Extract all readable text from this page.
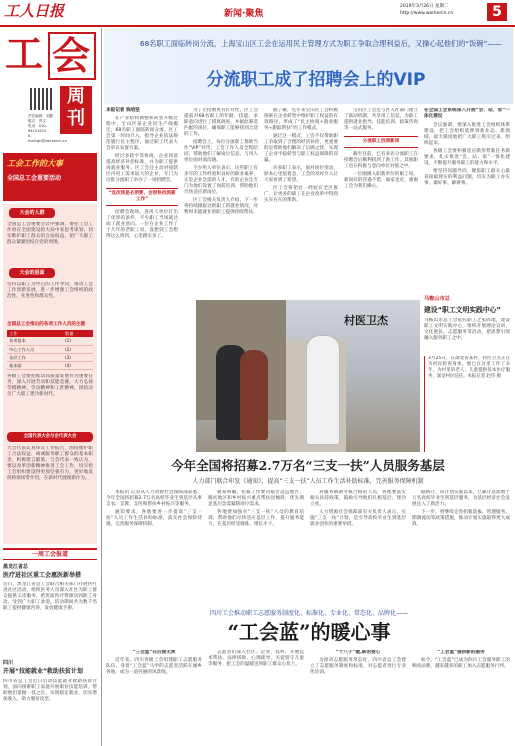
工人日报	新闻·聚焦
2019年3月26日 星期二
http://www.workercn.cn	5
工 会
周
刊
责任编辑：刘静
版式：罗文
电话：010-84151615
E-mail:gh@workercn.cn
工会工作的大事
全国总工会重要活动
大会的人群
全国总工会重要会议中强调，要把工会工作放在全面建设的大局中来思考谋划，切实维护职工群众的合法权益，把广大职工群众紧紧团结在党的周围。
大会的层面
坚持以职工为中心的工作导向，推动工会工作创新发展，进一步增强工会组织的政治性、先进性和群众性。
全国总工会推出的各项工作人员的主题
工作	数量
各项基本	(1)
中心工作人员	(2)
各层工作	(3)
基本面	(4)
各级工会要把推动高质量发展作为重要任务，深入开展劳动和技能竞赛，大力弘扬劳模精神、劳动精神和工匠精神，团结动员广大职工建功新时代。
全国代表大会与会代表大会
大会代表认真审议工作报告，围绕维护职工合法权益、竭诚服务职工群众的基本职责，积极建言献策。与会代表一致认为，要以改革创新精神推进工会工作，切实把工会组织建设得更加坚强有力，更好地发挥桥梁纽带作用，在新时代展现新作为。
一周工会报道
黑龙江省总
医疗进社区重工会惠医新举措
近日，黑龙江省总工会联合相关部门开展医疗进社区活动，组织医务人员深入社区为职工群众提供义诊服务，把优质医疗资源送到职工身边，受到广大职工欢迎。活动期间共为数千名职工提供健康咨询，发放健康手册。
四川
开展“技能就业”救助扶贫计划
四川省总工会近日启动技能就业救助扶贫计划，面向困难职工家庭开展职业技能培训，帮助他们掌握一技之长，实现稳定就业，切实增加收入，助力脱贫攻坚。
68名职工面临转岗分流，上海宝山区工会在运用民主管理方式为职工争取合理利益后，又操心起他们的“饭碗”——
分流职工成了招聘会上的VIP
本报记者 钱培坚
在产业结构调整和转型升级过程中，宝山区某企业因生产线搬迁，68名职工面临转岗分流。区工会第一时间介入，指导企业依法规范履行民主程序，通过职工代表大会审议安置方案。
经过多轮平等协商，企业同意提高经济补偿标准，并为职工提供再就业服务。区工会还主动对接辖区内用工需求较大的企业，专门为这批分流职工举办了一场招聘会。
“这次我是必须要，会很快找到新工作”
招聘会现场，各用人单位打出了优厚的条件，不少职工当场就达成了就业意向。一位在企业工作了十几年的老职工说，没想到工会想得这么周到，心里踏实多了。
为了让招聘更有针对性，区工会提前对68名职工的年龄、技能、求职意向进行了摸底调查，并据此筛选匹配的岗位，确保职工能够找到合适的工作。
招聘会上，每位分流职工都被当作“VIP”对待，工会工作人员全程陪同，帮助他们了解岗位信息、与用人单位面对面沟通。
不少用人单位表示，这些职工有多年的工作经验和良好的职业素养，正是企业急需的人才。有的企业还专门为他们设置了岗前培训，帮助他们尽快适应新岗位。
区工会相关负责人介绍，下一步将持续跟踪这批职工的就业情况，对暂时未能就业的职工提供持续帮扶。
据了解，近年来宝山区工会积极探索在企业转型中维护职工权益的有效路径，形成了“民主协商+就业服务+跟踪帮扶”的工作模式。
通过这一模式，工会不仅帮助职工争取到了合理的经济补偿，更重要的是帮助他们解决了后顾之忧，实现了企业平稳转型与职工权益保障的双赢。
许多职工表示，面对岗位变动，原本心里很着急，工会的及时介入让大家看到了希望。
区工会将把这一经验在全区推广，让更多的职工在企业改革中得到实实在在的帮助。
宝山区工会还与区人社部门建立了联动机制，共享用工信息，为职工提供就业指导、技能培训、政策咨询等一站式服务。
分流职工找到新岗
截至目前，已有多名分流职工在招聘会后顺利找到了新工作，其他职工也在积极与意向单位对接之中。
一位刚刚入职新单位的职工说，新岗位的待遇不错，离家也近，感谢工会为我们操心。
在全国工会系统深入开展“会、站、家”一体化建设
会议强调，要深入推进工会组织体系建设，把工会组织延伸到新业态、新领域，最大限度地把广大职工吸引过来、组织起来。
各级工会要积极适应新形势新任务新要求，扎实推进“会、站、家”一体化建设，不断提升服务职工的能力和水平。
要坚持问题导向，聚焦职工最关心最直接最现实的利益问题，切实为职工办实事、做好事、解难事。
马鞍山市总
建设“职工文明实践中心”
马鞍山市总工会依托职工之家阵地，建设职工文明实践中心，组织开展理论宣讲、文化惠民、志愿服务等活动，把思想引领融入服务职工之中。
村医卫杰
3月25日，在湖北省某村，村医卫杰正在为村民检查身体。他已在这里工作了多年，为村里的老人、儿童提供基本医疗服务，深受村民信任。本报记者 赵伟 摄
今年全国将招募2.7万名“三支一扶”人员服务基层
人力部门联合印发《通知》，提高“三支一扶”人员工作生活补助标准，完善服务保障机制
本报讯 记者从人力资源社会保障部获悉，今年全国将招募2.7万名高校毕业生到基层从事支农、支教、支医和帮扶乡村振兴等服务。
通知要求，各地要进一步提高“三支一扶”人员工作生活补助标准，落实社会保险待遇，完善服务保障机制。
通知明确，招募工作要向艰苦边远地区、脱贫地区和乡村振兴重点帮扶县倾斜，优先满足基层急需紧缺岗位需求。
各地要加强对“三支一扶”人员的教育培训，帮助他们尽快适应基层工作，提升服务能力，在基层经受锻炼、增长才干。
对服务期满考核合格的人员，各地要落实相关扶持政策，鼓励引导他们扎根基层、建功立业。
人力资源社会保障部有关负责人表示，实施“三支一扶”计划，是引导高校毕业生到基层就业创业的重要举措。
据统计，该计划实施以来，已累计选派数十万名高校毕业生到基层服务，为基层经济社会发展注入了新活力。
下一步，将继续完善招募选拔、管理服务、期满流动等政策措施，推动计划实施取得更大成效。
四川工会推动职工志愿服务制度化、标准化、专业化、常态化、品牌化——
“工会蓝”的暖心事
“三会蓝”在后援无须
近年来，四川各级工会组建职工志愿服务队伍，身着“工会蓝”马甲的志愿者活跃在城乡各地，成为一道亮丽的风景线。
志愿者们深入社区、企业、农村，开展技术帮扶、法律援助、心理疏导、关爱留守儿童等服务，把工会的温暖送到职工群众心坎上。
“十八子”暖,新的爱心
为推动志愿服务常态化，四川省总工会建立了志愿服务制度和标准，对志愿者进行专业化培训。
“工会蓝”提供新的服务
如今，“工会蓝”已成为四川工会服务职工的响亮品牌，越来越多的职工加入志愿服务行列。
